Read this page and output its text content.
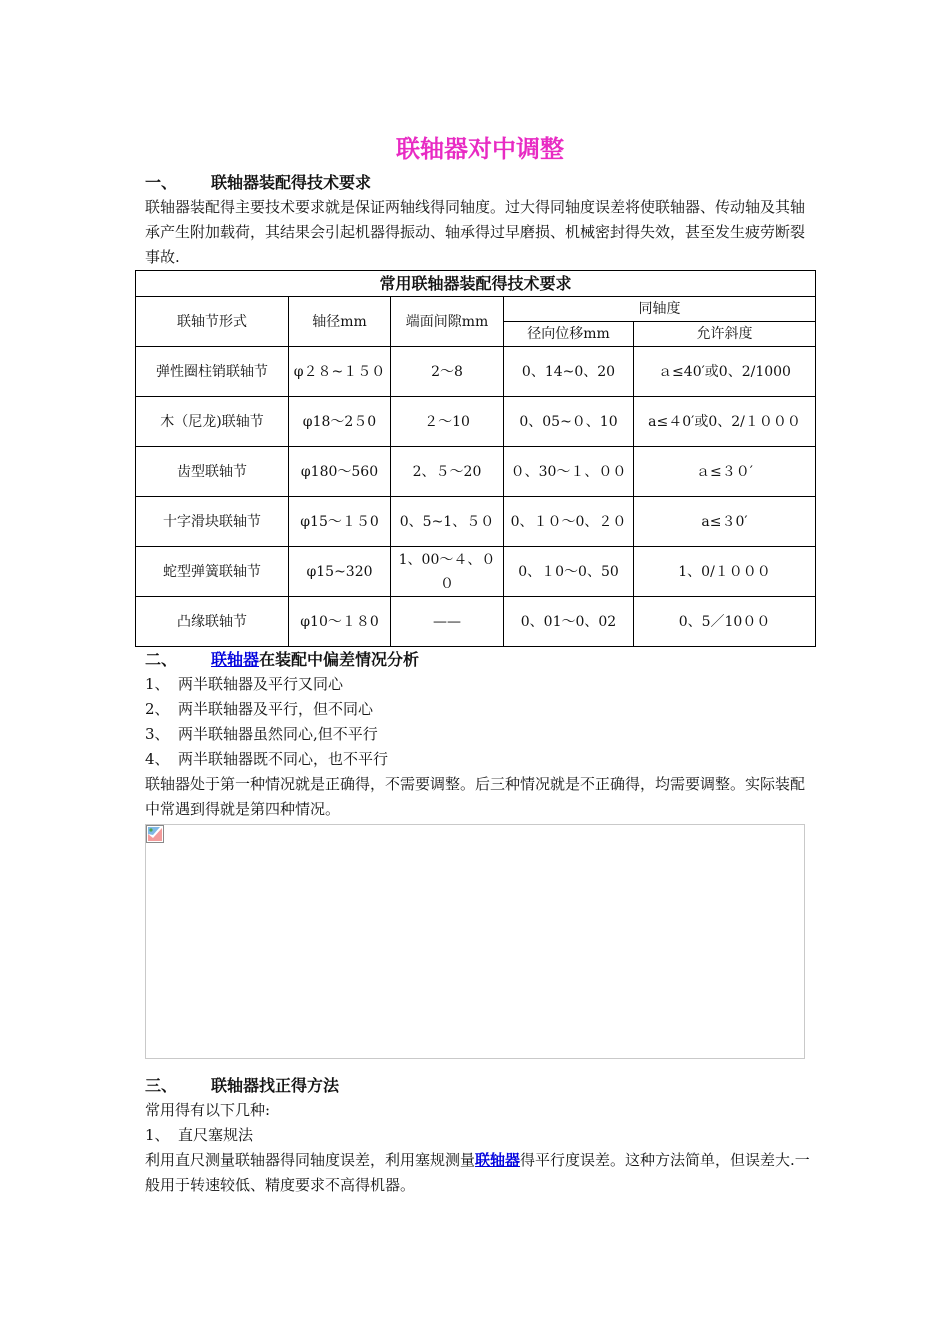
联轴器对中调整

一、 联轴器装配得技术要求

联轴器装配得主要技术要求就是保证两轴线得同轴度。过大得同轴度误差将使联轴器、传动轴及其轴承产生附加载荷，其结果会引起机器得振动、轴承得过早磨损、机械密封得失效，甚至发生疲劳断裂事故.

常用联轴器装配得技术要求				
联轴节形式	轴径mm	端面间隙mm	同轴度	
			径向位移mm	允许斜度
弹性圈柱销联轴节	φ２８~１５０	2～8	0、14~0、20	ａ≤40′或0、2/1000
木（尼龙)联轴节	φ18～2５0	２～10	0、05~０、10	a≤４0′或0、2/１０００
齿型联轴节	φ180～560	2、５～20	０、30～１、００	ａ≤３０′
十字滑块联轴节	φ15～１５0	0、5~1、５０	0、１０～0、２０	a≤３0′
蛇型弹簧联轴节	φ15~320	1、00～４、００	0、１0～0、50	1、0/１０００
凸缘联轴节	φ10～１８0	——	0、01～0、02	0、5／10００

二、 联轴器在装配中偏差情况分析

1、 两半联轴器及平行又同心

2、 两半联轴器及平行，但不同心

3、 两半联轴器虽然同心,但不平行

4、 两半联轴器既不同心，也不平行

联轴器处于第一种情况就是正确得，不需要调整。后三种情况就是不正确得，均需要调整。实际装配中常遇到得就是第四种情况。

三、 联轴器找正得方法

常用得有以下几种:

1、 直尺塞规法

利用直尺测量联轴器得同轴度误差，利用塞规测量联轴器得平行度误差。这种方法简单，但误差大.一般用于转速较低、精度要求不高得机器。
